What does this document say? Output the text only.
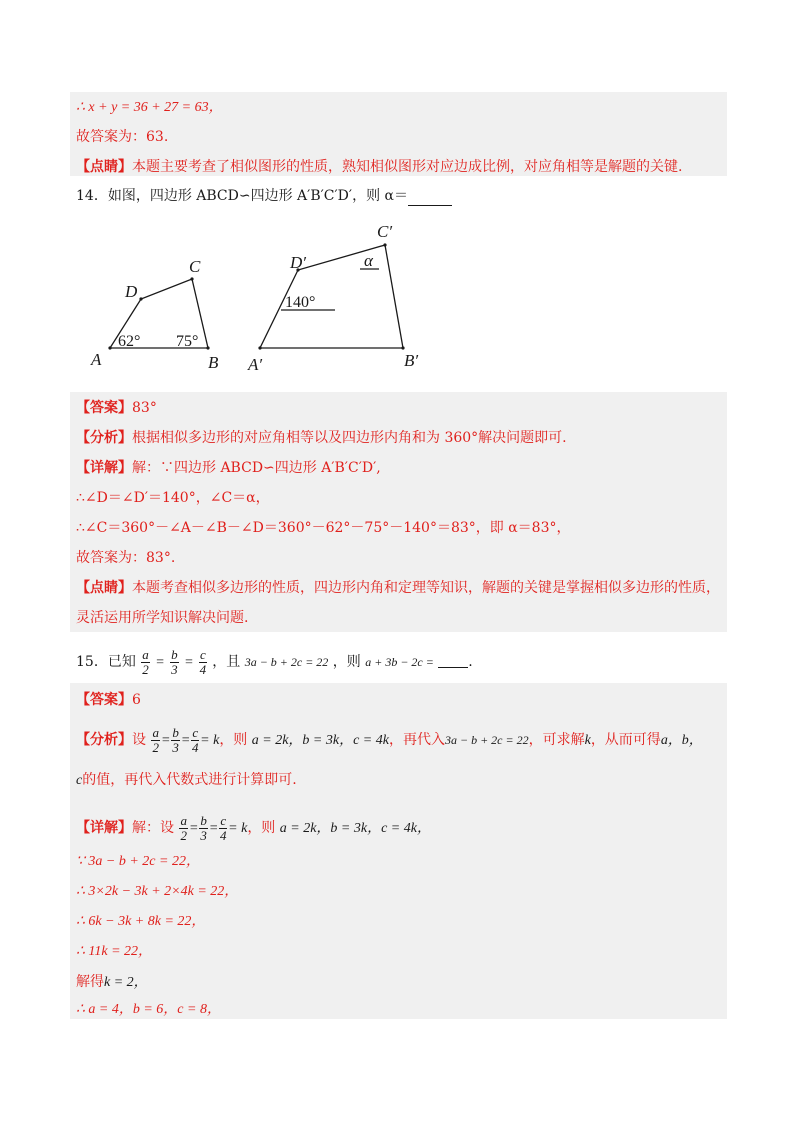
∴ x + y = 36 + 27 = 63，
故答案为：63.
【点睛】本题主要考查了相似图形的性质，熟知相似图形对应边成比例，对应角相等是解题的关键.
14．如图，四边形 ABCD∽四边形 A′B′C′D′，则 α＝
A	B
C
D
A′	B′
C′
D′	α
62° 75°
140°
【答案】83°
【分析】根据相似多边形的对应角相等以及四边形内角和为 360°解决问题即可.
【详解】解：∵四边形 ABCD∽四边形 A′B′C′D′,
∴∠D＝∠D′＝140°，∠C＝α，
∴∠C＝360°－∠A－∠B－∠D＝360°－62°－75°－140°＝83°，即 α＝83°，
故答案为：83°.
【点睛】本题考查相似多边形的性质，四边形内角和定理等知识，解题的关键是掌握相似多边形的性质，
灵活运用所学知识解决问题.
15．已知 $\frac{a}{2} = \frac{b}{3} = \frac{c}{4}$ ，且 3a − b + 2c = 22 ，则 a + 3b − 2c = .
【答案】6
【分析】设 $\frac{a}{2} = \frac{b}{3} = \frac{c}{4} = k$，则 a = 2k，b = 3k，c = 4k，再代入3a − b + 2c = 22，可求解k，从而可得a，b，
c的值，再代入代数式进行计算即可.
【详解】解：设 $\frac{a}{2} = \frac{b}{3} = \frac{c}{4} = k$，则 a = 2k，b = 3k，c = 4k，
∵ 3a − b + 2c = 22，
∴ 3×2k − 3k + 2×4k = 22，
∴ 6k − 3k + 8k = 22，
∴ 11k = 22，
解得k = 2，
∴ a = 4，b = 6，c = 8，
